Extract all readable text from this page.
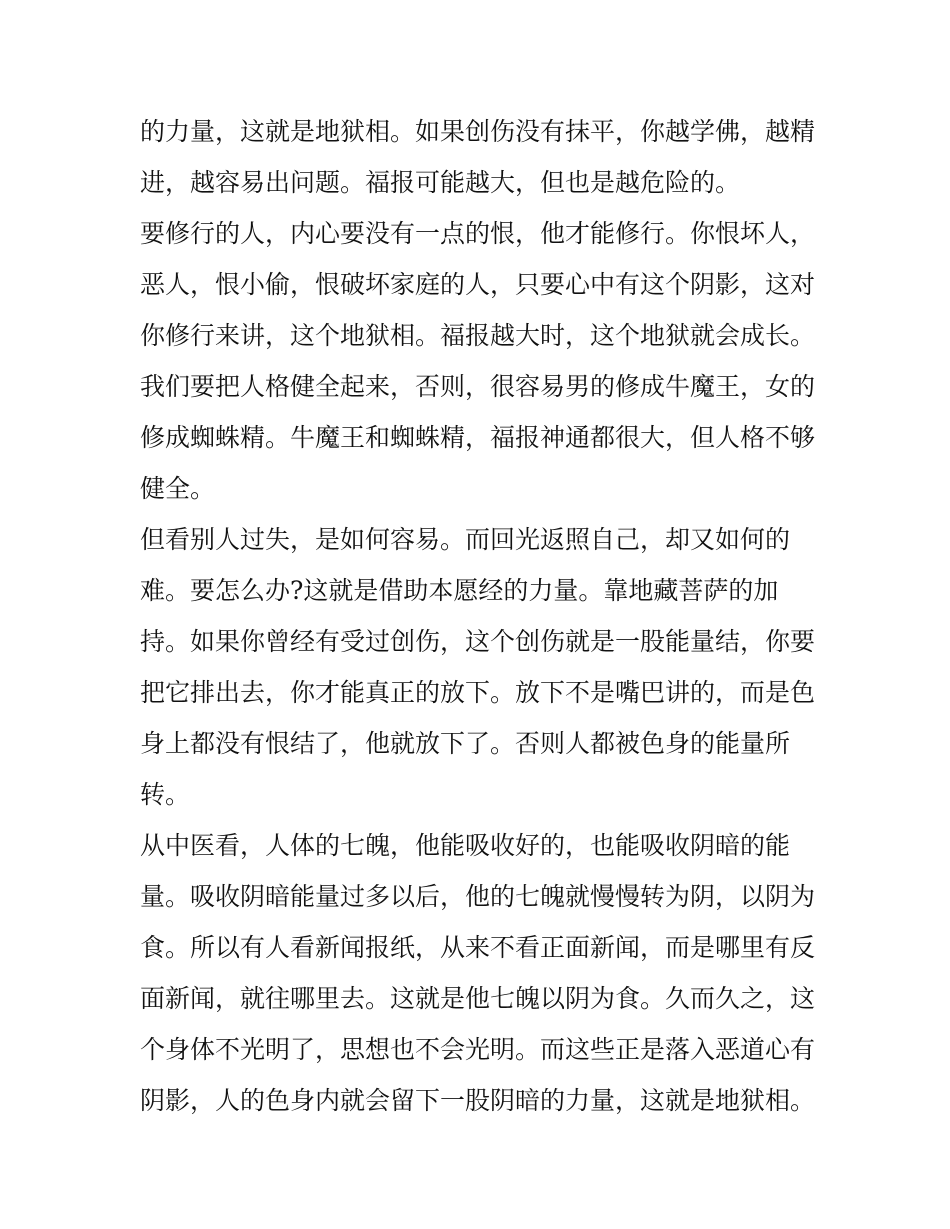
的力量，这就是地狱相。如果创伤没有抹平，你越学佛，越精
进，越容易出问题。福报可能越大，但也是越危险的。
要修行的人，内心要没有一点的恨，他才能修行。你恨坏人，
恶人，恨小偷，恨破坏家庭的人，只要心中有这个阴影，这对
你修行来讲，这个地狱相。福报越大时，这个地狱就会成长。
我们要把人格健全起来，否则，很容易男的修成牛魔王，女的
修成蜘蛛精。牛魔王和蜘蛛精，福报神通都很大，但人格不够
健全。
但看别人过失，是如何容易。而回光返照自己，却又如何的
难。要怎么办?这就是借助本愿经的力量。靠地藏菩萨的加
持。如果你曾经有受过创伤，这个创伤就是一股能量结，你要
把它排出去，你才能真正的放下。放下不是嘴巴讲的，而是色
身上都没有恨结了，他就放下了。否则人都被色身的能量所
转。
从中医看，人体的七魄，他能吸收好的，也能吸收阴暗的能
量。吸收阴暗能量过多以后，他的七魄就慢慢转为阴，以阴为
食。所以有人看新闻报纸，从来不看正面新闻，而是哪里有反
面新闻，就往哪里去。这就是他七魄以阴为食。久而久之，这
个身体不光明了，思想也不会光明。而这些正是落入恶道心有
阴影，人的色身内就会留下一股阴暗的力量，这就是地狱相。
